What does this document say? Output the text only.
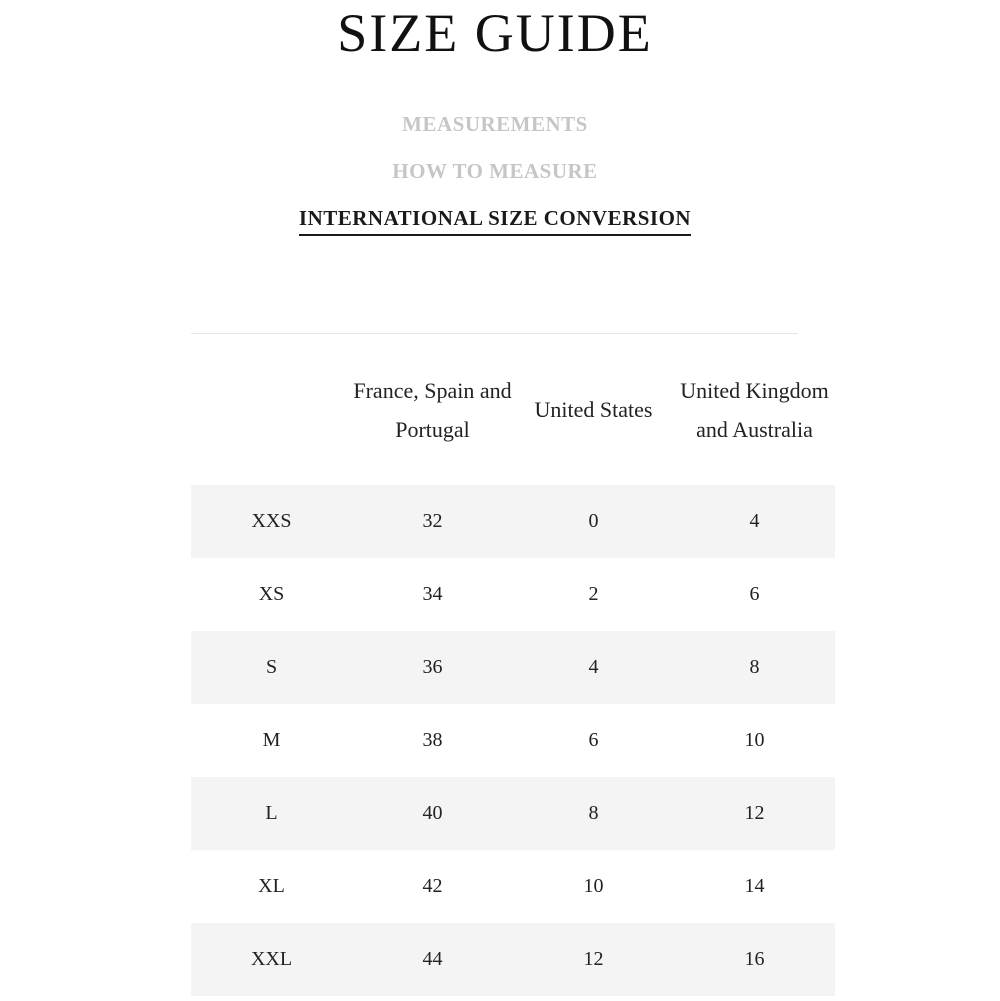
SIZE GUIDE
MEASUREMENTS
HOW TO MEASURE
INTERNATIONAL SIZE CONVERSION
	France, Spain and Portugal	United States	United Kingdom and Australia
XXS	32	0	4
XS	34	2	6
S	36	4	8
M	38	6	10
L	40	8	12
XL	42	10	14
XXL	44	12	16
